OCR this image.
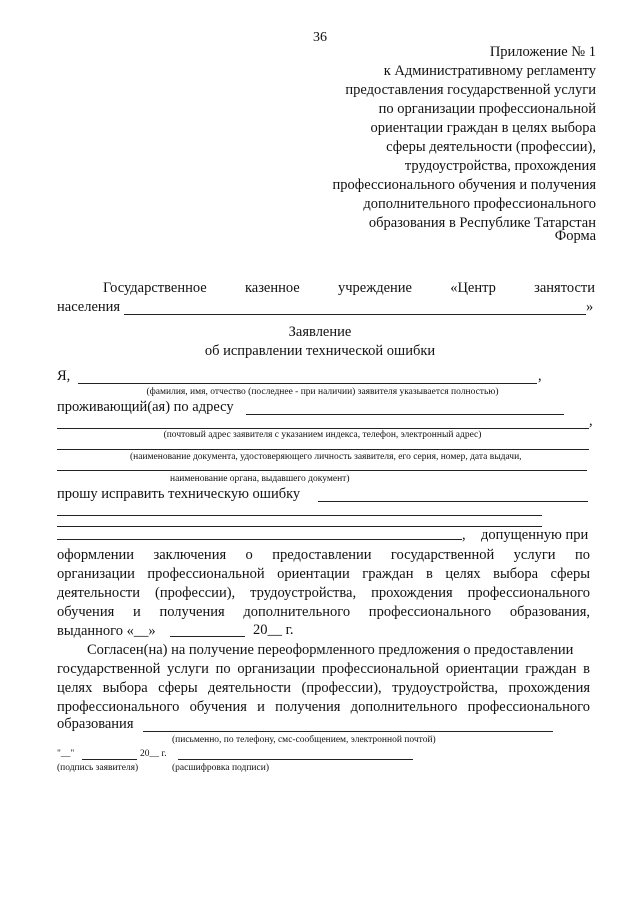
36
Приложение № 1
к Административному регламенту
предоставления государственной услуги
по организации профессиональной
ориентации граждан в целях выбора
сферы деятельности (профессии),
трудоустройства, прохождения
профессионального обучения и получения
дополнительного профессионального
образования в Республике Татарстан
Форма
Государственное	казенное	учреждение	«Центр	занятости
населения	»
Заявление
об исправлении технической ошибки
Я,	,
(фамилия, имя, отчество (последнее - при наличии) заявителя указывается полностью)
проживающий(ая) по адресу
,
(почтовый адрес заявителя с указанием индекса, телефон, электронный адрес)
(наименование документа, удостоверяющего личность заявителя, его серия, номер, дата выдачи,
наименование органа, выдавшего документ)
прошу исправить техническую ошибку
, допущенную при
оформлении заключения о предоставлении государственной услуги по
организации профессиональной ориентации граждан в целях выбора сферы
деятельности (профессии), трудоустройства, прохождения профессионального
обучения и получения дополнительного профессионального образования,
выданного «__»	20__ г.
Согласен(на) на получение переоформленного предложения о предоставлении
государственной услуги по организации профессиональной ориентации граждан в
целях выбора сферы деятельности (профессии), трудоустройства, прохождения
профессионального обучения и получения дополнительного профессионального
образования
(письменно, по телефону, смс-сообщением, электронной почтой)
"__"	20__ г.
(подпись заявителя)	(расшифровка подписи)
